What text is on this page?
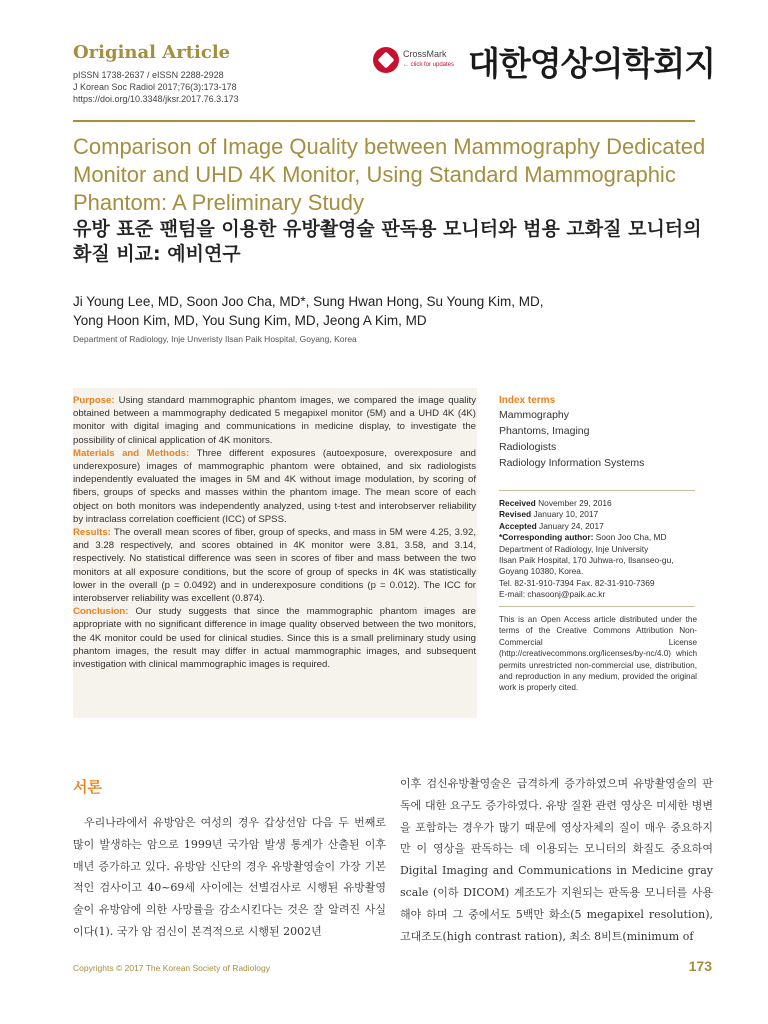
Original Article
pISSN 1738-2637 / eISSN 2288-2928
J Korean Soc Radiol 2017;76(3):173-178
https://doi.org/10.3348/jksr.2017.76.3.173
CrossMark
← click for updates 대한영상의학회지
Comparison of Image Quality between Mammography Dedicated Monitor and UHD 4K Monitor, Using Standard Mammographic Phantom: A Preliminary Study
유방 표준 팬텀을 이용한 유방촬영술 판독용 모니터와 범용 고화질 모니터의 화질 비교: 예비연구
Ji Young Lee, MD, Soon Joo Cha, MD*, Sung Hwan Hong, Su Young Kim, MD,
Yong Hoon Kim, MD, You Sung Kim, MD, Jeong A Kim, MD
Department of Radiology, Inje Unveristy Ilsan Paik Hospital, Goyang, Korea

Purpose: Using standard mammographic phantom images, we compared the image quality obtained between a mammography dedicated 5 megapixel monitor (5M) and a UHD 4K (4K) monitor with digital imaging and communications in medicine display, to investigate the possibility of clinical application of 4K monitors.

Materials and Methods: Three different exposures (autoexposure, overexposure and underexposure) images of mammographic phantom were obtained, and six radiologists independently evaluated the images in 5M and 4K without image modulation, by scoring of fibers, groups of specks and masses within the phantom image. The mean score of each object on both monitors was independently analyzed, using t-test and interobserver reliability by intraclass correlation coefficient (ICC) of SPSS.

Results: The overall mean scores of fiber, group of specks, and mass in 5M were 4.25, 3.92, and 3.28 respectively, and scores obtained in 4K monitor were 3.81, 3.58, and 3.14, respectively. No statistical difference was seen in scores of fiber and mass between the two monitors at all exposure conditions, but the score of group of specks in 4K was statistically lower in the overall (p = 0.0492) and in underexposure conditions (p = 0.012). The ICC for interobserver reliability was excellent (0.874).

Conclusion: Our study suggests that since the mammographic phantom images are appropriate with no significant difference in image quality observed between the two monitors, the 4K monitor could be used for clinical studies. Since this is a small preliminary study using phantom images, the result may differ in actual mammographic images, and subsequent investigation with clinical mammographic images is required.

Index terms
Mammography
Phantoms, Imaging
Radiologists
Radiology Information Systems
Received November 29, 2016
Revised January 10, 2017
Accepted January 24, 2017
*Corresponding author: Soon Joo Cha, MD
Department of Radiology, Inje University
Ilsan Paik Hospital, 170 Juhwa-ro, Ilsanseo-gu,
Goyang 10380, Korea.
Tel. 82-31-910-7394 Fax. 82-31-910-7369
E-mail: chasoonj@paik.ac.kr
This is an Open Access article distributed under the terms of the Creative Commons Attribution Non-Commercial License (http://creativecommons.org/licenses/by-nc/4.0) which permits unrestricted non-commercial use, distribution, and reproduction in any medium, provided the original work is properly cited.
서론

우리나라에서 유방암은 여성의 경우 갑상선암 다음 두 번째로 많이 발생하는 암으로 1999년 국가암 발생 통계가 산출된 이후 매년 증가하고 있다. 유방암 신단의 경우 유방촬영술이 가장 기본적인 검사이고 40~69세 사이에는 선별검사로 시행된 유방촬영술이 유방암에 의한 사망률을 감소시킨다는 것은 잘 알려진 사실이다(1). 국가 암 검신이 본격적으로 시행된 2002년

이후 검신유방촬영술은 급격하게 증가하였으며 유방촬영술의 판독에 대한 요구도 증가하였다. 유방 질환 관련 영상은 미세한 병변을 포함하는 경우가 많기 때문에 영상자체의 질이 매우 중요하지만 이 영상을 판독하는 데 이용되는 모니터의 화질도 중요하여 Digital Imaging and Communications in Medicine gray scale (이하 DICOM) 계조도가 지원되는 판독용 모니터를 사용해야 하며 그 중에서도 5백만 화소(5 megapixel resolution), 고대조도(high contrast ration), 최소 8비트(minimum of

Copyrights © 2017 The Korean Society of Radiology	173
